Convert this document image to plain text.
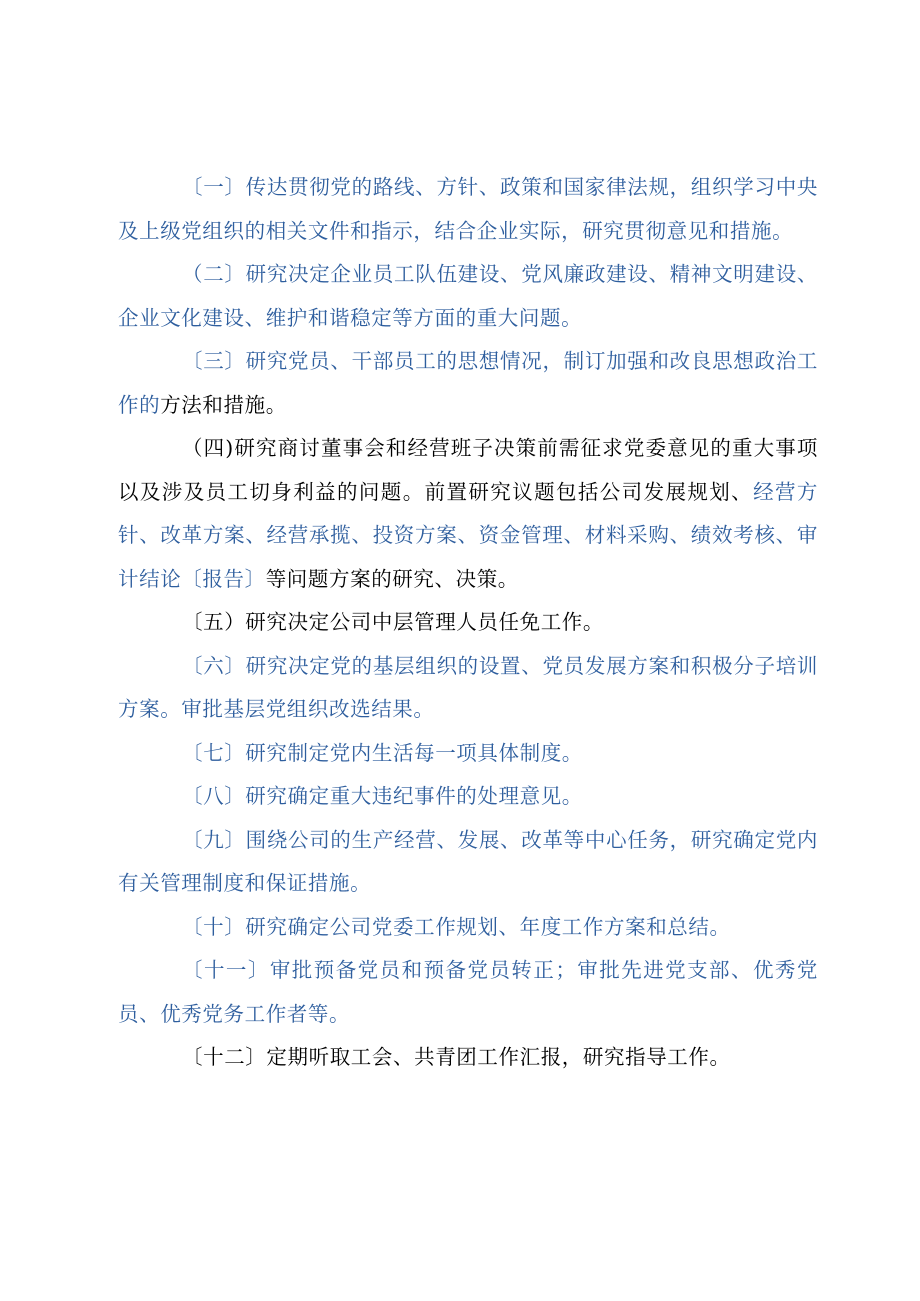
〔一〕传达贯彻党的路线、方针、政策和国家律法规，组织学习中央及上级党组织的相关文件和指示，结合企业实际，研究贯彻意见和措施。

（二〕研究决定企业员工队伍建设、党风廉政建设、精神文明建设、企业文化建设、维护和谐稳定等方面的重大问题。

〔三〕研究党员、干部员工的思想情况，制订加强和改良思想政治工作的方法和措施。

（四)研究商讨董事会和经营班子决策前需征求党委意见的重大事项以及涉及员工切身利益的问题。前置研究议题包括公司发展规划、经营方针、改革方案、经营承揽、投资方案、资金管理、材料采购、绩效考核、审计结论〔报告〕等问题方案的研究、决策。

〔五）研究决定公司中层管理人员任免工作。

〔六〕研究决定党的基层组织的设置、党员发展方案和积极分子培训方案。审批基层党组织改选结果。

〔七〕研究制定党内生活每一项具体制度。

〔八〕研究确定重大违纪事件的处理意见。

〔九〕围绕公司的生产经营、发展、改革等中心任务，研究确定党内有关管理制度和保证措施。

〔十〕研究确定公司党委工作规划、年度工作方案和总结。

〔十一〕审批预备党员和预备党员转正；审批先进党支部、优秀党员、优秀党务工作者等。

〔十二〕定期听取工会、共青团工作汇报，研究指导工作。
